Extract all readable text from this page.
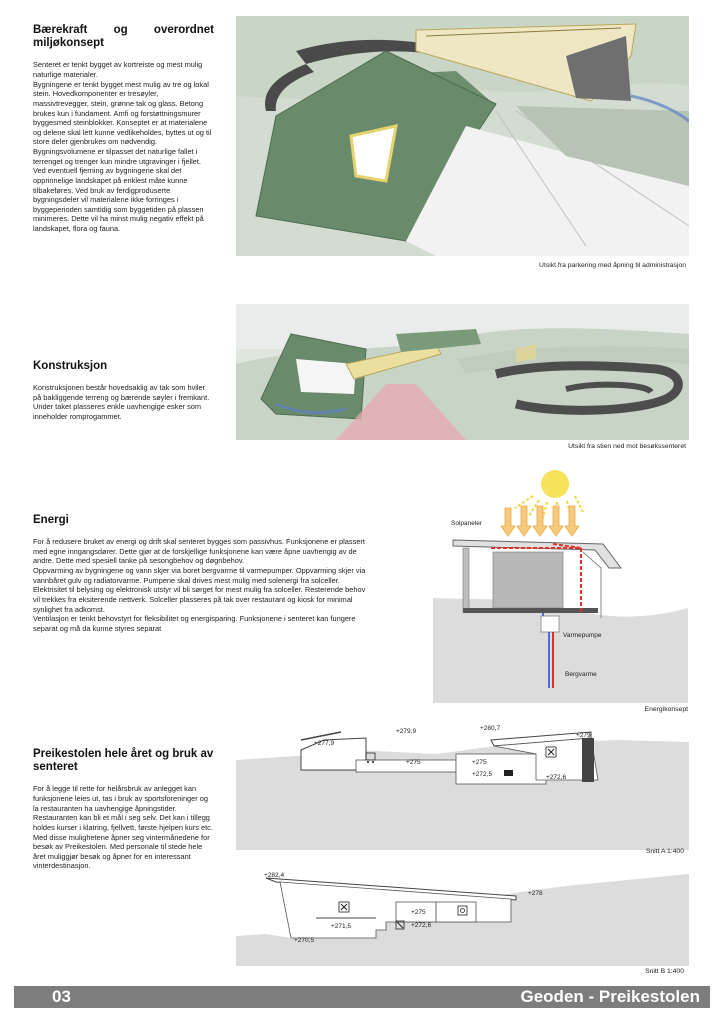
Bærekraft og overordnet miljøkonsept

Senteret er tenkt bygget av kortreiste og mest mulig naturlige materialer.
Bygningene er tenkt bygget mest mulig av tre og lokal stein. Hovedkomponenter er tresøyler, massivtrevegger, stein, grønne tak og glass. Betong brukes kun i fundament. Amfi og forstøttningsmurer byggesmed steinblokker. Konseptet er at materialene og delene skal lett kunne vedlikeholdes, byttes ut og til store deler gjenbrukes om nødvendig.
Bygningsvolumene er tilpasset det naturlige fallet i terrenget og trenger kun mindre utgravinger i fjellet. Ved eventuell fjerning av bygningene skal det opprinnelige landskapet på enklest måte kunne tilbakeføres. Ved bruk av ferdigproduserte bygningsdeler vil materialene ikke forringes i byggeperioden samtidig som byggetiden på plassen minimeres. Dette vil ha minst mulig negativ effekt på landskapet, flora og fauna.

Utsikt fra parkering med åpning til administrasjon
Konstruksjon

Konstruksjonen består hovedsaklig av tak som hviler på bakliggende terreng og bærende søyler i fremkant. Under taket plasseres enkle uavhengige esker som inneholder romprogammet.

Utsikt fra stien ned mot besøkssenteret
Energi

For å redusere bruket av energi og drift skal senteret bygges som passivhus. Funksjonene er plassert med egne inngangsdører. Dette gjør at de forskjellige funksjonene kan være åpne uavhengig av de andre. Dette med spesiell tanke på sesongbehov og døgnbehov.
Oppvarming av bygningene og vann skjer via boret bergvarme til varmepumper. Oppvarming skjer via vannbåret gulv og radiatorvarme. Pumpene skal drives mest mulig med solenergi fra solceller. Elektrisitet til belysing og elektronisk utstyr vil bli sørget for mest mulig fra solceller. Resterende behov vil trekkes fra eksiterende nettverk. Solceller plasseres på tak over restaurant og kiosk for minimal synlighet fra adkomst.
Ventilasjon er tenkt behovstyrt for fleksibilitet og energisparing. Funksjonene i senteret kan fungere separat og må da kunne styres separat

Solpaneler
Varmepumpe
Bergvarme
Energikonsept
Preikestolen hele året og bruk av senteret

For å legge til rette for helårsbruk av anlegget kan funksjonene leies ut, tas i bruk av sportsforeninger og la restauranten ha uavhengige åpningstider.
Restauranten kan bli et mål i seg selv. Det kan i tillegg holdes kurser i klatring, fjellvett, første hjelpen kurs etc.
Med disse mulighetene åpner seg vintermånedene for besøk av Preikestolen. Med personale til stede hele året muliggjør besøk og åpner for en interessant vinterdestinasjon.

+277,9
+279,9
+275	+275
+272,5
+280,7
+279
+272,6
Snitt A 1:400
+282,4
+278
+275
+271,5	+272,6
+270,5
Snitt B 1:400
03	Geoden - Preikestolen
